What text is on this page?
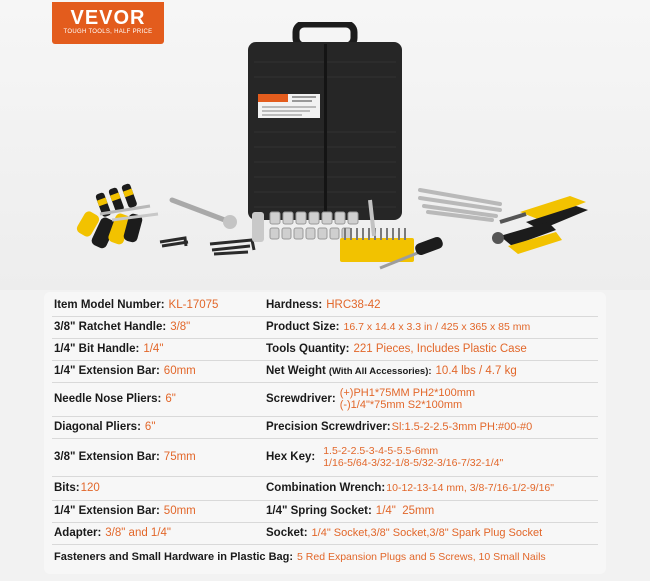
VEVOR
TOUGH TOOLS, HALF PRICE
Item Model Number: KL-17075	Hardness: HRC38-42
3/8" Ratchet Handle: 3/8"	Product Size: 16.7 x 14.4 x 3.3 in / 425 x 365 x 85 mm
1/4" Bit Handle: 1/4"	Tools Quantity: 221 Pieces, Includes Plastic Case
1/4" Extension Bar: 60mm	Net Weight (With All Accessories): 10.4 lbs / 4.7 kg
Needle Nose Pliers: 6"	Screwdriver: (+)PH1*75MM PH2*100mm
(-)1/4"*75mm S2*100mm
Diagonal Pliers: 6"	Precision Screwdriver: Sl:1.5-2-2.5-3mm PH:#00-#0
3/8" Extension Bar: 75mm	Hex Key: 1.5-2-2.5-3-4-5-5.5-6mm
1/16-5/64-3/32-1/8-5/32-3/16-7/32-1/4"
Bits: 120	Combination Wrench: 10-12-13-14 mm, 3/8-7/16-1/2-9/16"
1/4" Extension Bar: 50mm	1/4" Spring Socket: 1/4"  25mm
Adapter: 3/8" and 1/4"	Socket: 1/4" Socket,3/8" Socket,3/8" Spark Plug Socket
Fasteners and Small Hardware in Plastic Bag: 5 Red Expansion Plugs and 5 Screws, 10 Small Nails
